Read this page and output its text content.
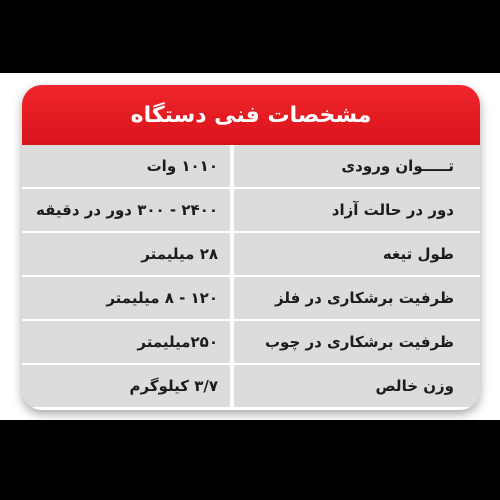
مشخصات فنی دستگاه
۱۰۱۰ وات	تـــــوان ورودی
۲۴۰۰ - ۳۰۰ دور در دقیقه	دور در حالت آزاد
۲۸ میلیمتر	طول تیغه
۱۲۰ - ۸ میلیمتر	ظرفیت برشکاری در فلز
۲۵۰میلیمتر	ظرفیت برشکاری در چوب
۳/۷ کیلوگرم	وزن خالص
